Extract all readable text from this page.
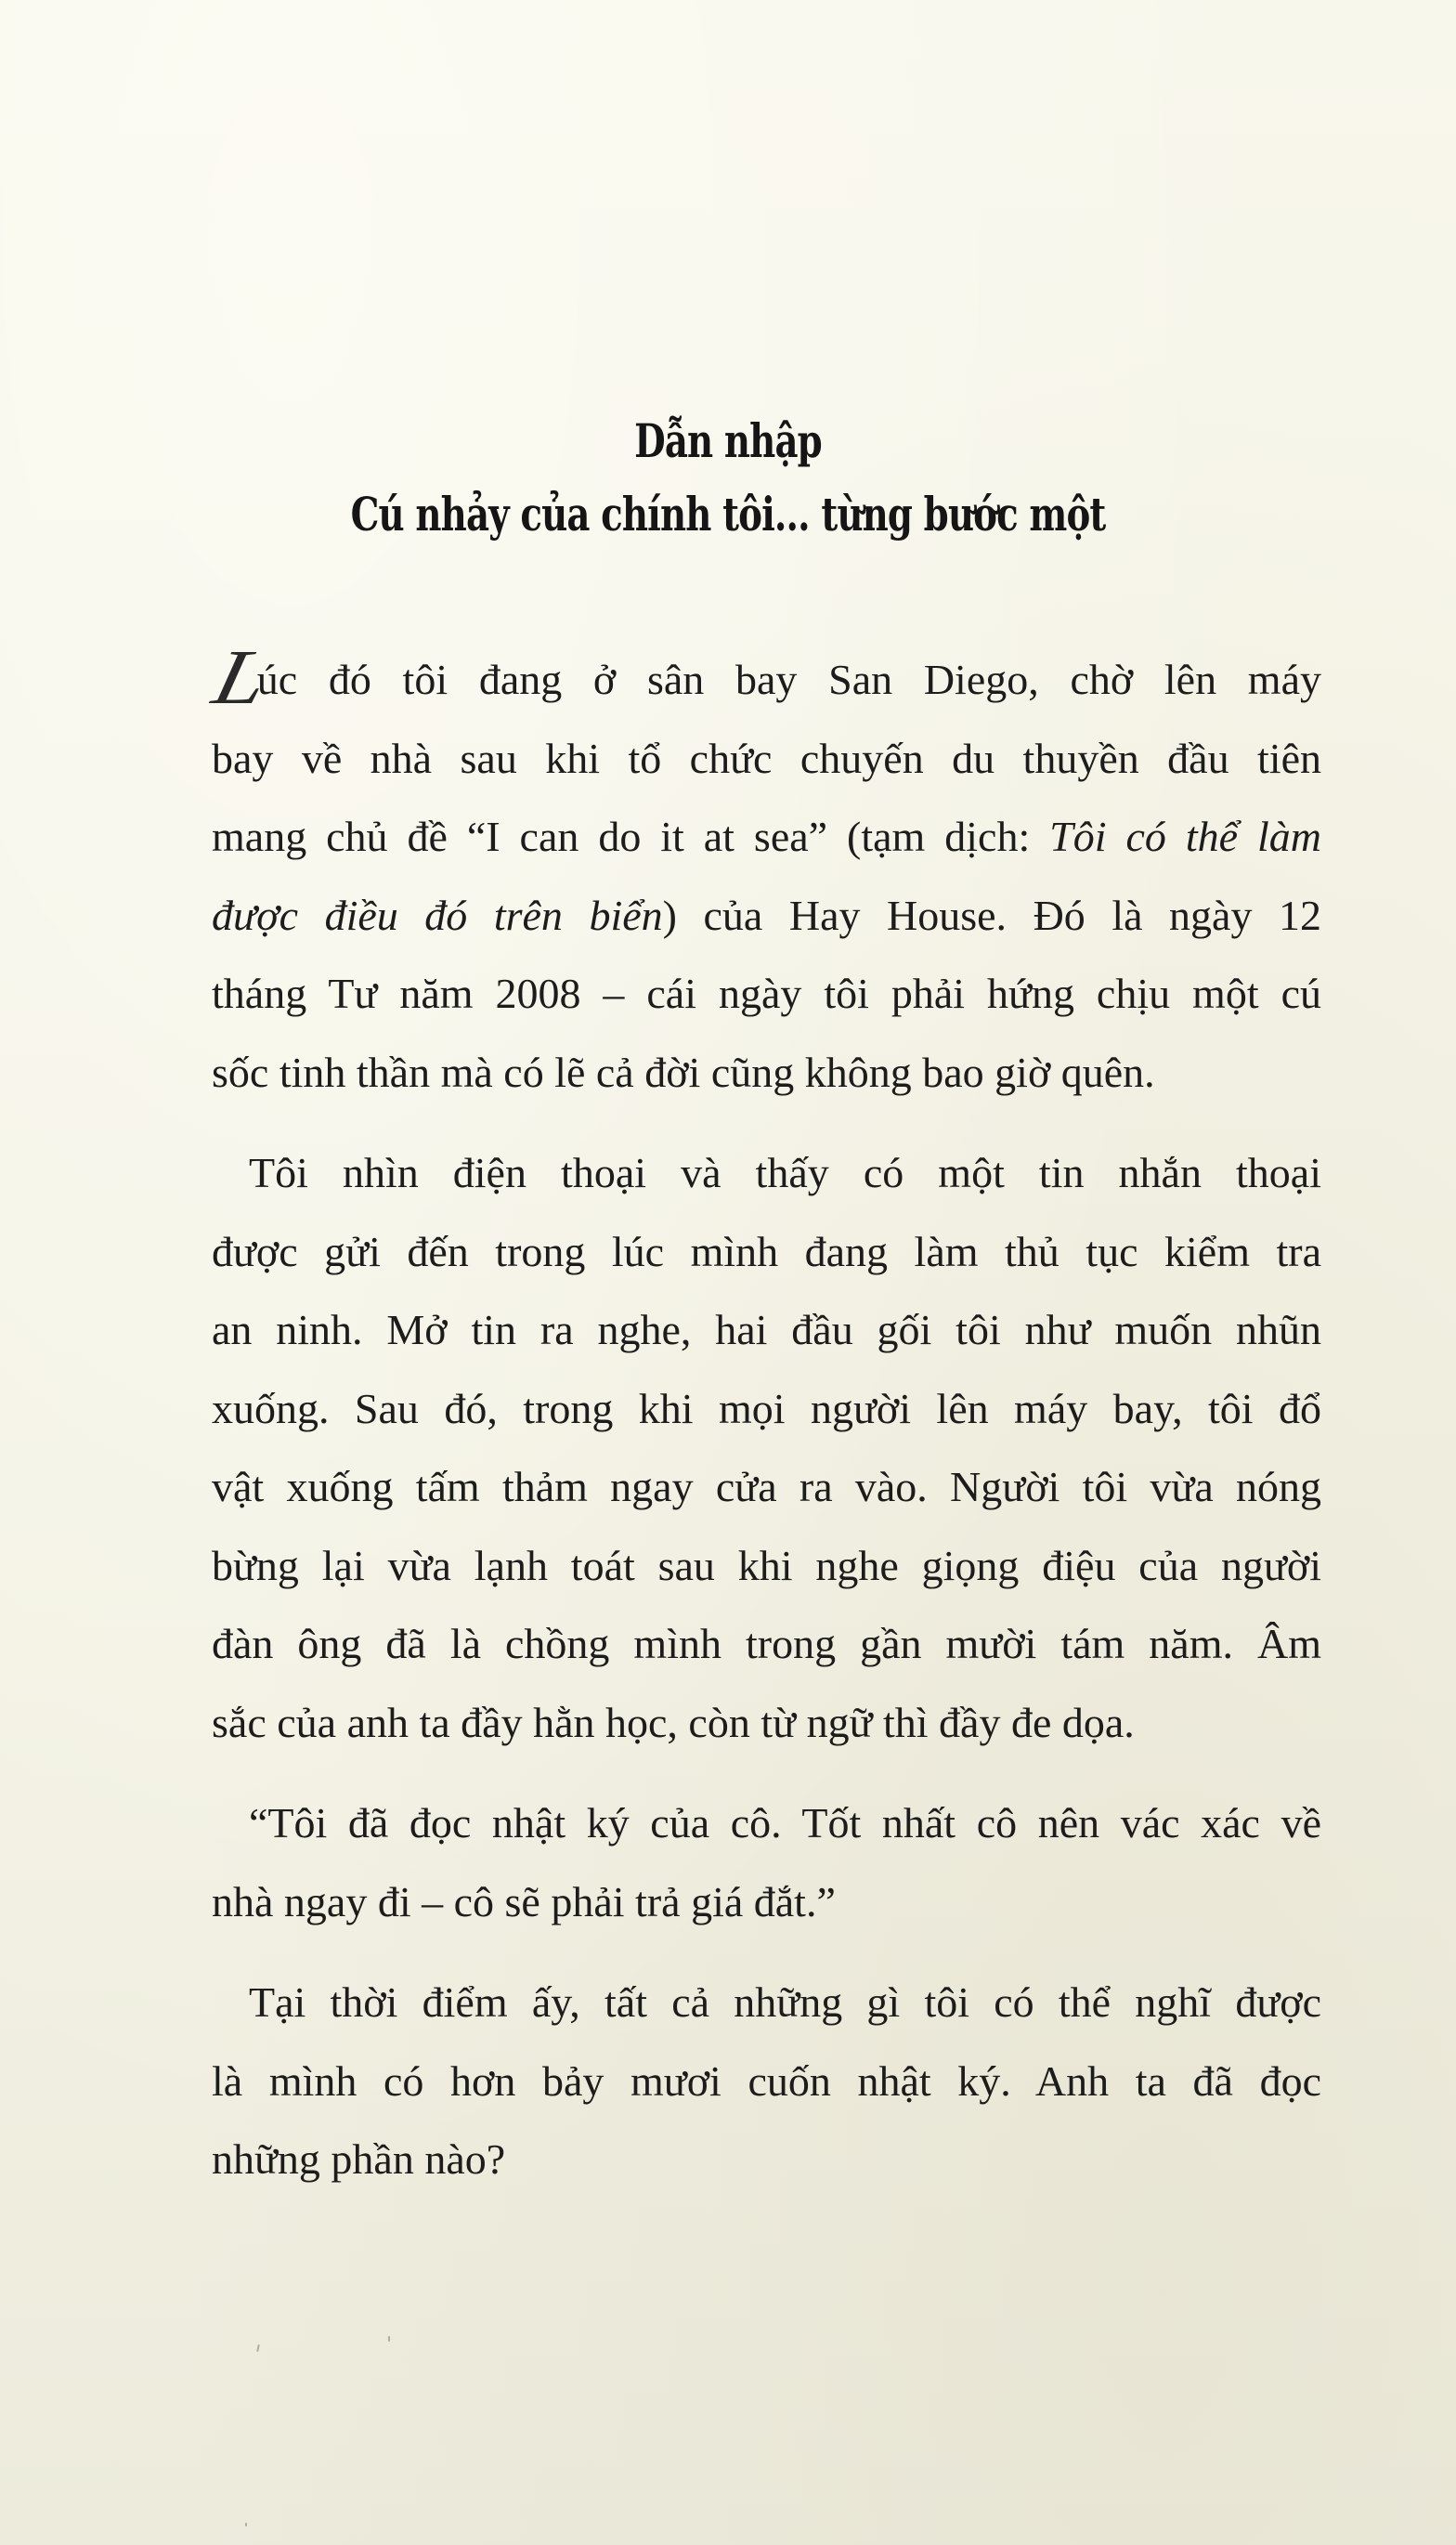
Dẫn nhập
Cú nhảy của chính tôi… từng bước một

Lúc đó tôi đang ở sân bay San Diego, chờ lên máy
bay về nhà sau khi tổ chức chuyến du thuyền đầu tiên
mang chủ đề “I can do it at sea” (tạm dịch: Tôi có thể làm
được điều đó trên biển) của Hay House. Đó là ngày 12
tháng Tư năm 2008 – cái ngày tôi phải hứng chịu một cú
sốc tinh thần mà có lẽ cả đời cũng không bao giờ quên.

Tôi nhìn điện thoại và thấy có một tin nhắn thoại
được gửi đến trong lúc mình đang làm thủ tục kiểm tra
an ninh. Mở tin ra nghe, hai đầu gối tôi như muốn nhũn
xuống. Sau đó, trong khi mọi người lên máy bay, tôi đổ
vật xuống tấm thảm ngay cửa ra vào. Người tôi vừa nóng
bừng lại vừa lạnh toát sau khi nghe giọng điệu của người
đàn ông đã là chồng mình trong gần mười tám năm. Âm
sắc của anh ta đầy hằn học, còn từ ngữ thì đầy đe dọa.

“Tôi đã đọc nhật ký của cô. Tốt nhất cô nên vác xác về
nhà ngay đi – cô sẽ phải trả giá đắt.”

Tại thời điểm ấy, tất cả những gì tôi có thể nghĩ được
là mình có hơn bảy mươi cuốn nhật ký. Anh ta đã đọc
những phần nào?
